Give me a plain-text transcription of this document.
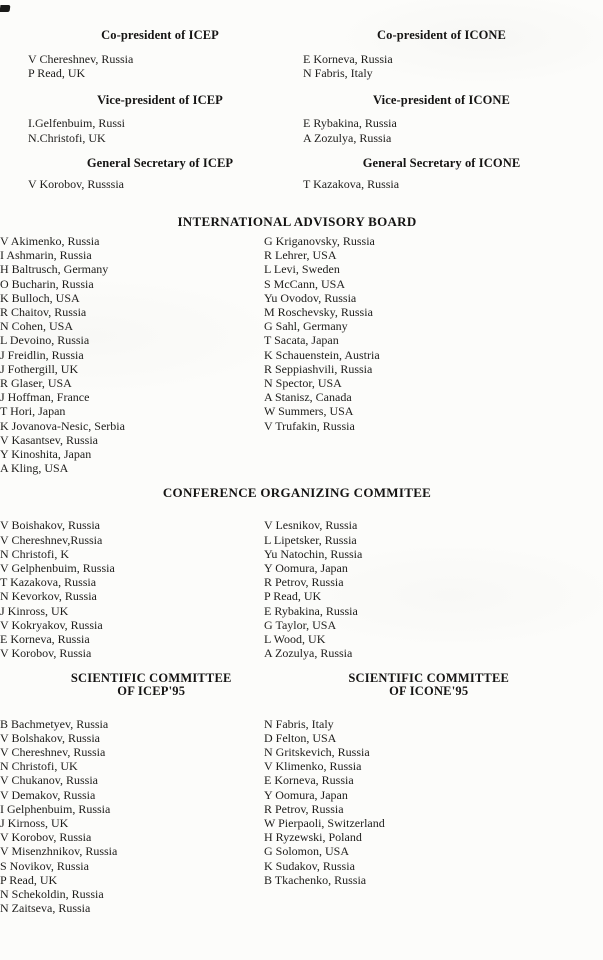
Co-president of ICEP
V Chereshnev, Russia
P Read, UK
Vice-president of ICEP
I.Gelfenbuim, Russi
N.Christofi, UK
General Secretary of ICEP
V Korobov, Russsia
Co-president of ICONE
E Korneva, Russia
N Fabris, Italy
Vice-president of ICONE
E Rybakina, Russia
A Zozulya, Russia
General Secretary of ICONE
T Kazakova, Russia
INTERNATIONAL ADVISORY BOARD
V Akimenko, Russia
I Ashmarin, Russia
H Baltrusch, Germany
O Bucharin, Russia
K Bulloch, USA
R Chaitov, Russia
N Cohen, USA
L Devoino, Russia
J Freidlin, Russia
J Fothergill, UK
R Glaser, USA
J Hoffman, France
T Hori, Japan
K Jovanova-Nesic, Serbia
V Kasantsev, Russia
Y Kinoshita, Japan
A Kling, USA
G Kriganovsky, Russia
R Lehrer, USA
L Levi, Sweden
S McCann, USA
Yu Ovodov, Russia
M Roschevsky, Russia
G Sahl, Germany
T Sacata, Japan
K Schauenstein, Austria
R Seppiashvili, Russia
N Spector, USA
A Stanisz, Canada
W Summers, USA
V Trufakin, Russia
CONFERENCE ORGANIZING COMMITEE
V Boishakov, Russia
V Chereshnev,Russia
N Christofi, K
V Gelphenbuim, Russia
T Kazakova, Russia
N Kevorkov, Russia
J Kinross, UK
V Kokryakov, Russia
E Korneva, Russia
V Korobov, Russia
V Lesnikov, Russia
L Lipetsker, Russia
Yu Natochin, Russia
Y Oomura, Japan
R Petrov, Russia
P Read, UK
E Rybakina, Russia
G Taylor, USA
L Wood, UK
A Zozulya, Russia
SCIENTIFIC COMMITTEE
OF ICEP'95
SCIENTIFIC COMMITTEE
OF ICONE'95
B Bachmetyev, Russia
V Bolshakov, Russia
V Chereshnev, Russia
N Christofi, UK
V Chukanov, Russia
V Demakov, Russia
I Gelphenbuim, Russia
J Kirnoss, UK
V Korobov, Russia
V Misenzhnikov, Russia
S Novikov, Russia
P Read, UK
N Schekoldin, Russia
N Zaitseva, Russia
N Fabris, Italy
D Felton, USA
N Gritskevich, Russia
V Klimenko, Russia
E Korneva, Russia
Y Oomura, Japan
R Petrov, Russia
W Pierpaoli, Switzerland
H Ryzewski, Poland
G Solomon, USA
K Sudakov, Russia
B Tkachenko, Russia
